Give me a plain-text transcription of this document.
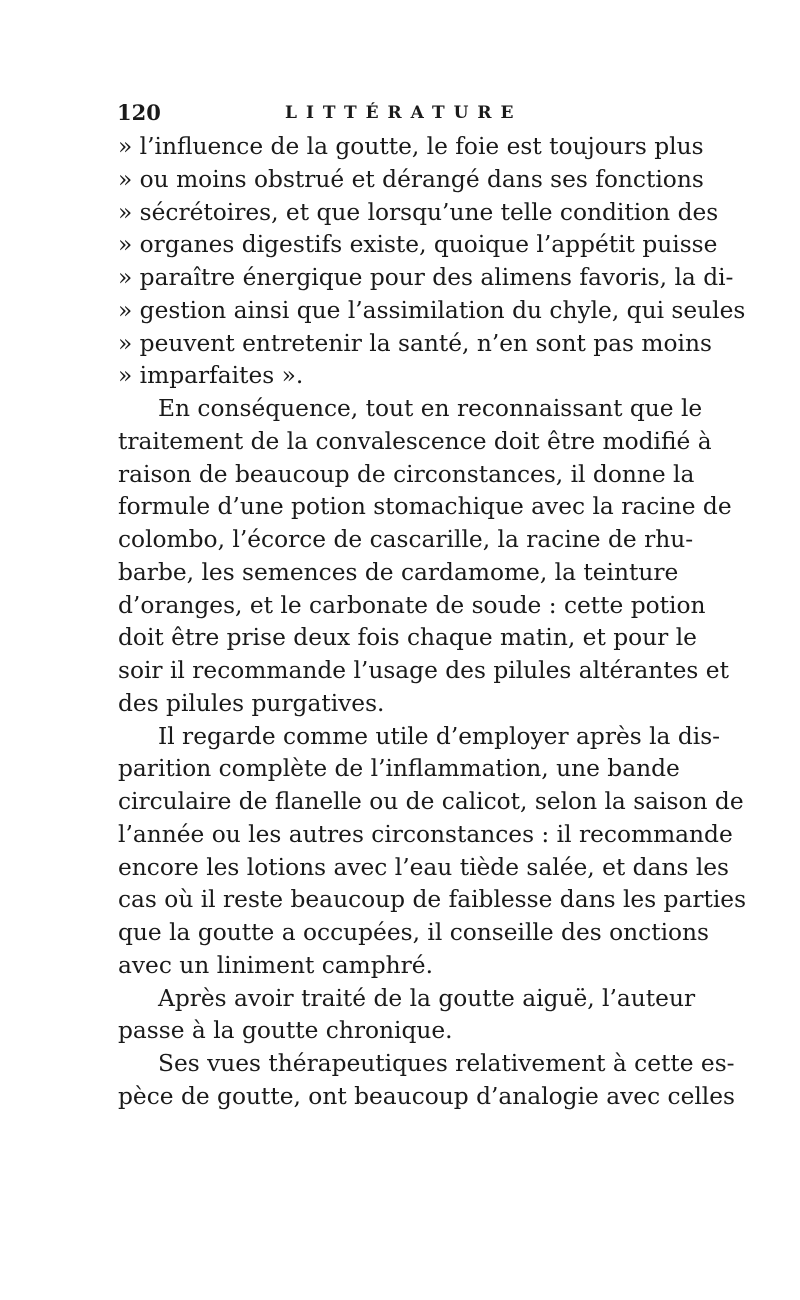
120	LITTÉRATURE
» l’influence de la goutte, le foie est toujours plus
» ou moins obstrué et dérangé dans ses fonctions
» sécrétoires, et que lorsqu’une telle condition des
» organes digestifs existe, quoique l’appétit puisse
» paraître énergique pour des alimens favoris, la di-
» gestion ainsi que l’assimilation du chyle, qui seules
» peuvent entretenir la santé, n’en sont pas moins
» imparfaites ».
En conséquence, tout en reconnaissant que le
traitement de la convalescence doit être modifié à
raison de beaucoup de circonstances, il donne la
formule d’une potion stomachique avec la racine de
colombo, l’écorce de cascarille, la racine de rhu-
barbe, les semences de cardamome, la teinture
d’oranges, et le carbonate de soude : cette potion
doit être prise deux fois chaque matin, et pour le
soir il recommande l’usage des pilules altérantes et
des pilules purgatives.
Il regarde comme utile d’employer après la dis-
parition complète de l’inflammation, une bande
circulaire de flanelle ou de calicot, selon la saison de
l’année ou les autres circonstances : il recommande
encore les lotions avec l’eau tiède salée, et dans les
cas où il reste beaucoup de faiblesse dans les parties
que la goutte a occupées, il conseille des onctions
avec un liniment camphré.
Après avoir traité de la goutte aiguë, l’auteur
passe à la goutte chronique.
Ses vues thérapeutiques relativement à cette es-
pèce de goutte, ont beaucoup d’analogie avec celles
